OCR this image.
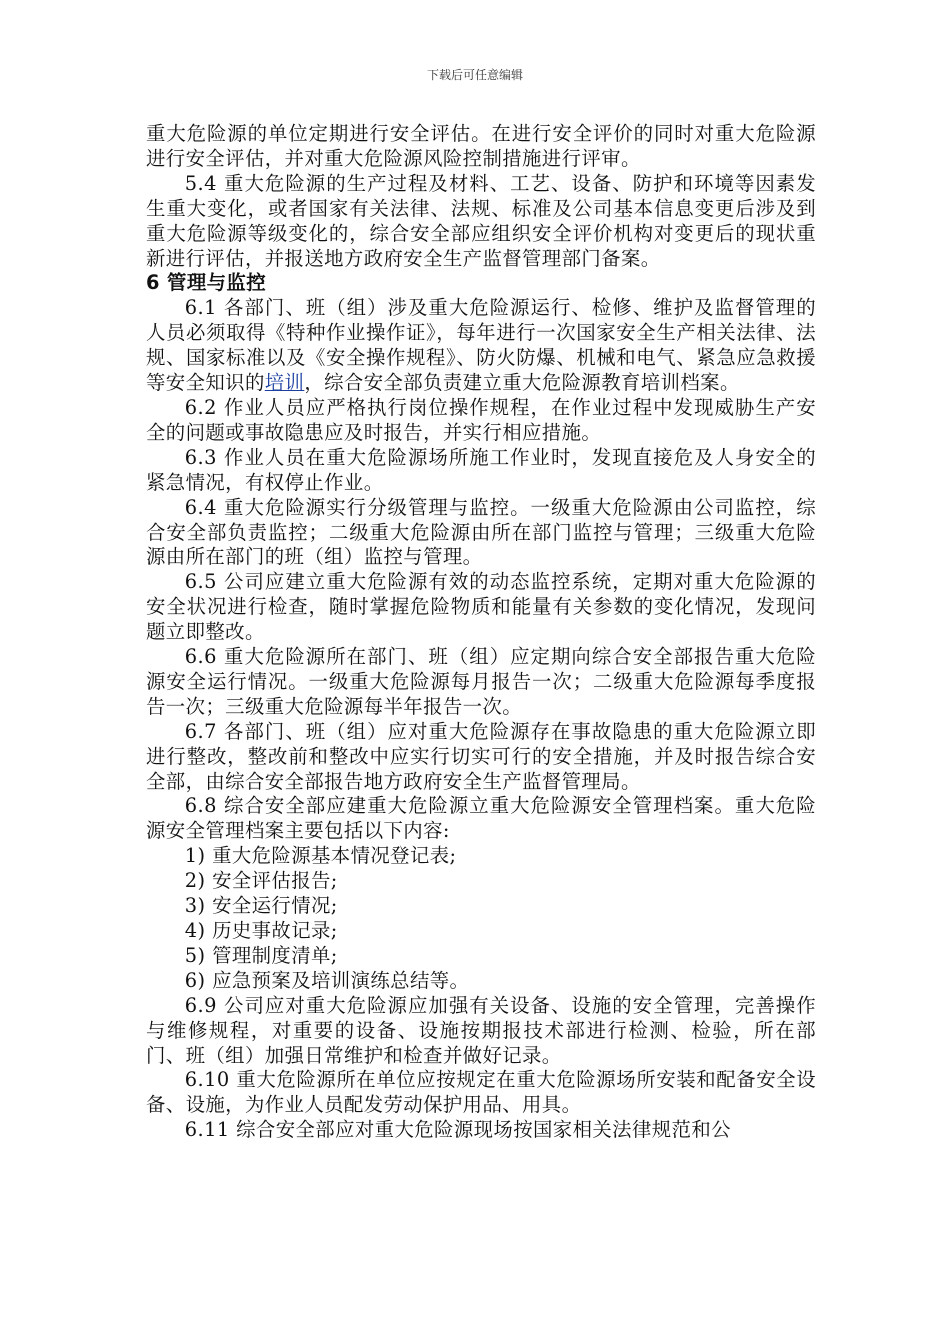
下载后可任意编辑

重大危险源的单位定期进行安全评估。在进行安全评价的同时对重大危险源进行安全评估，并对重大危险源风险控制措施进行评审。

5.4 重大危险源的生产过程及材料、工艺、设备、防护和环境等因素发生重大变化，或者国家有关法律、法规、标准及公司基本信息变更后涉及到重大危险源等级变化的，综合安全部应组织安全评价机构对变更后的现状重新进行评估，并报送地方政府安全生产监督管理部门备案。

6 管理与监控

6.1 各部门、班（组）涉及重大危险源运行、检修、维护及监督管理的人员必须取得《特种作业操作证》，每年进行一次国家安全生产相关法律、法规、国家标准以及《安全操作规程》、防火防爆、机械和电气、紧急应急救援等安全知识的培训，综合安全部负责建立重大危险源教育培训档案。

6.2 作业人员应严格执行岗位操作规程，在作业过程中发现威胁生产安全的问题或事故隐患应及时报告，并实行相应措施。

6.3 作业人员在重大危险源场所施工作业时，发现直接危及人身安全的紧急情况，有权停止作业。

6.4 重大危险源实行分级管理与监控。一级重大危险源由公司监控，综合安全部负责监控；二级重大危险源由所在部门监控与管理；三级重大危险源由所在部门的班（组）监控与管理。

6.5 公司应建立重大危险源有效的动态监控系统，定期对重大危险源的安全状况进行检查，随时掌握危险物质和能量有关参数的变化情况，发现问题立即整改。

6.6 重大危险源所在部门、班（组）应定期向综合安全部报告重大危险源安全运行情况。一级重大危险源每月报告一次；二级重大危险源每季度报告一次；三级重大危险源每半年报告一次。

6.7 各部门、班（组）应对重大危险源存在事故隐患的重大危险源立即进行整改，整改前和整改中应实行切实可行的安全措施，并及时报告综合安全部，由综合安全部报告地方政府安全生产监督管理局。

6.8 综合安全部应建重大危险源立重大危险源安全管理档案。重大危险源安全管理档案主要包括以下内容:

1) 重大危险源基本情况登记表;

2) 安全评估报告;

3) 安全运行情况;

4) 历史事故记录;

5) 管理制度清单;

6) 应急预案及培训演练总结等。

6.9 公司应对重大危险源应加强有关设备、设施的安全管理，完善操作与维修规程，对重要的设备、设施按期报技术部进行检测、检验，所在部门、班（组）加强日常维护和检查并做好记录。

6.10 重大危险源所在单位应按规定在重大危险源场所安装和配备安全设备、设施，为作业人员配发劳动保护用品、用具。

6.11 综合安全部应对重大危险源现场按国家相关法律规范和公
